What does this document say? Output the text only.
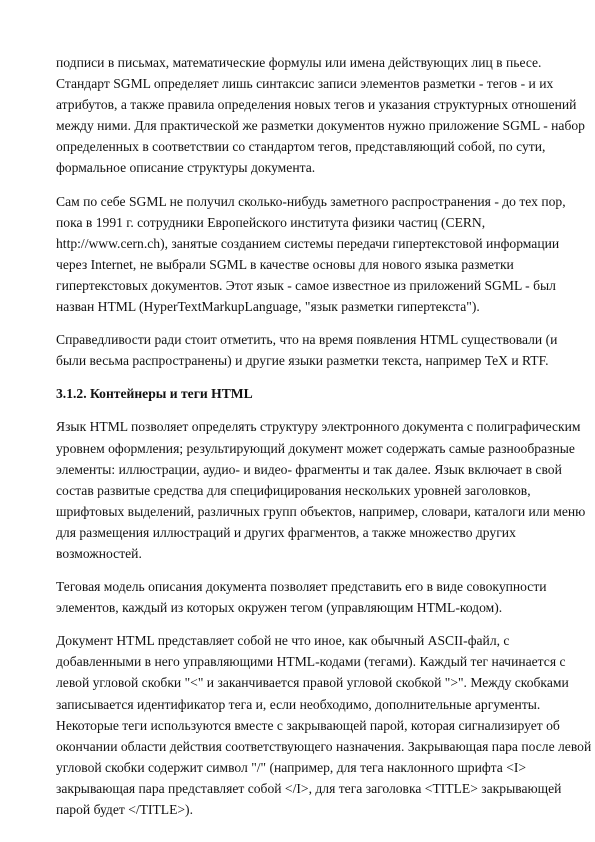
подписи в письмах, математические формулы или имена действующих лиц в пьесе.
Стандарт SGML определяет лишь синтаксис записи элементов разметки - тегов - и их
атрибутов, а также правила определения новых тегов и указания структурных отношений
между ними. Для практической же разметки документов нужно приложение SGML - набор
определенных в соответствии со стандартом тегов, представляющий собой, по сути,
формальное описание структуры документа.
Сам по себе SGML не получил сколько-нибудь заметного распространения - до тех пор,
пока в 1991 г. сотрудники Европейского института физики частиц (CERN,
http://www.cern.ch), занятые созданием системы передачи гипертекстовой информации
через Internet, не выбрали SGML в качестве основы для нового языка разметки
гипертекстовых документов. Этот язык - самое известное из приложений SGML - был
назван HTML (HyperTextMarkupLanguage, "язык разметки гипертекста").
Справедливости ради стоит отметить, что на время появления HTML существовали (и
были весьма распространены) и другие языки разметки текста, например TeX и RTF.
3.1.2. Контейнеры и теги HTML
Язык HTML позволяет определять структуру электронного документа с полиграфическим
уровнем оформления; результирующий документ может содержать самые разнообразные
элементы: иллюстрации, аудио- и видео- фрагменты и так далее. Язык включает в свой
состав развитые средства для специфицирования нескольких уровней заголовков,
шрифтовых выделений, различных групп объектов, например, словари, каталоги или меню
для размещения иллюстраций и других фрагментов, а также множество других
возможностей.
Теговая модель описания документа позволяет представить его в виде совокупности
элементов, каждый из которых окружен тегом (управляющим HTML-кодом).
Документ HTML представляет собой не что иное, как обычный ASCII-файл, с
добавленными в него управляющими HTML-кодами (тегами). Каждый тег начинается с
левой угловой скобки "<" и заканчивается правой угловой скобкой ">". Между скобками
записывается идентификатор тега и, если необходимо, дополнительные аргументы.
Некоторые теги используются вместе с закрывающей парой, которая сигнализирует об
окончании области действия соответствующего назначения. Закрывающая пара после левой
угловой скобки содержит символ "/" (например, для тега наклонного шрифта <I>
закрывающая пара представляет собой </I>, для тега заголовка <TITLE> закрывающей
парой будет </TITLE>).
